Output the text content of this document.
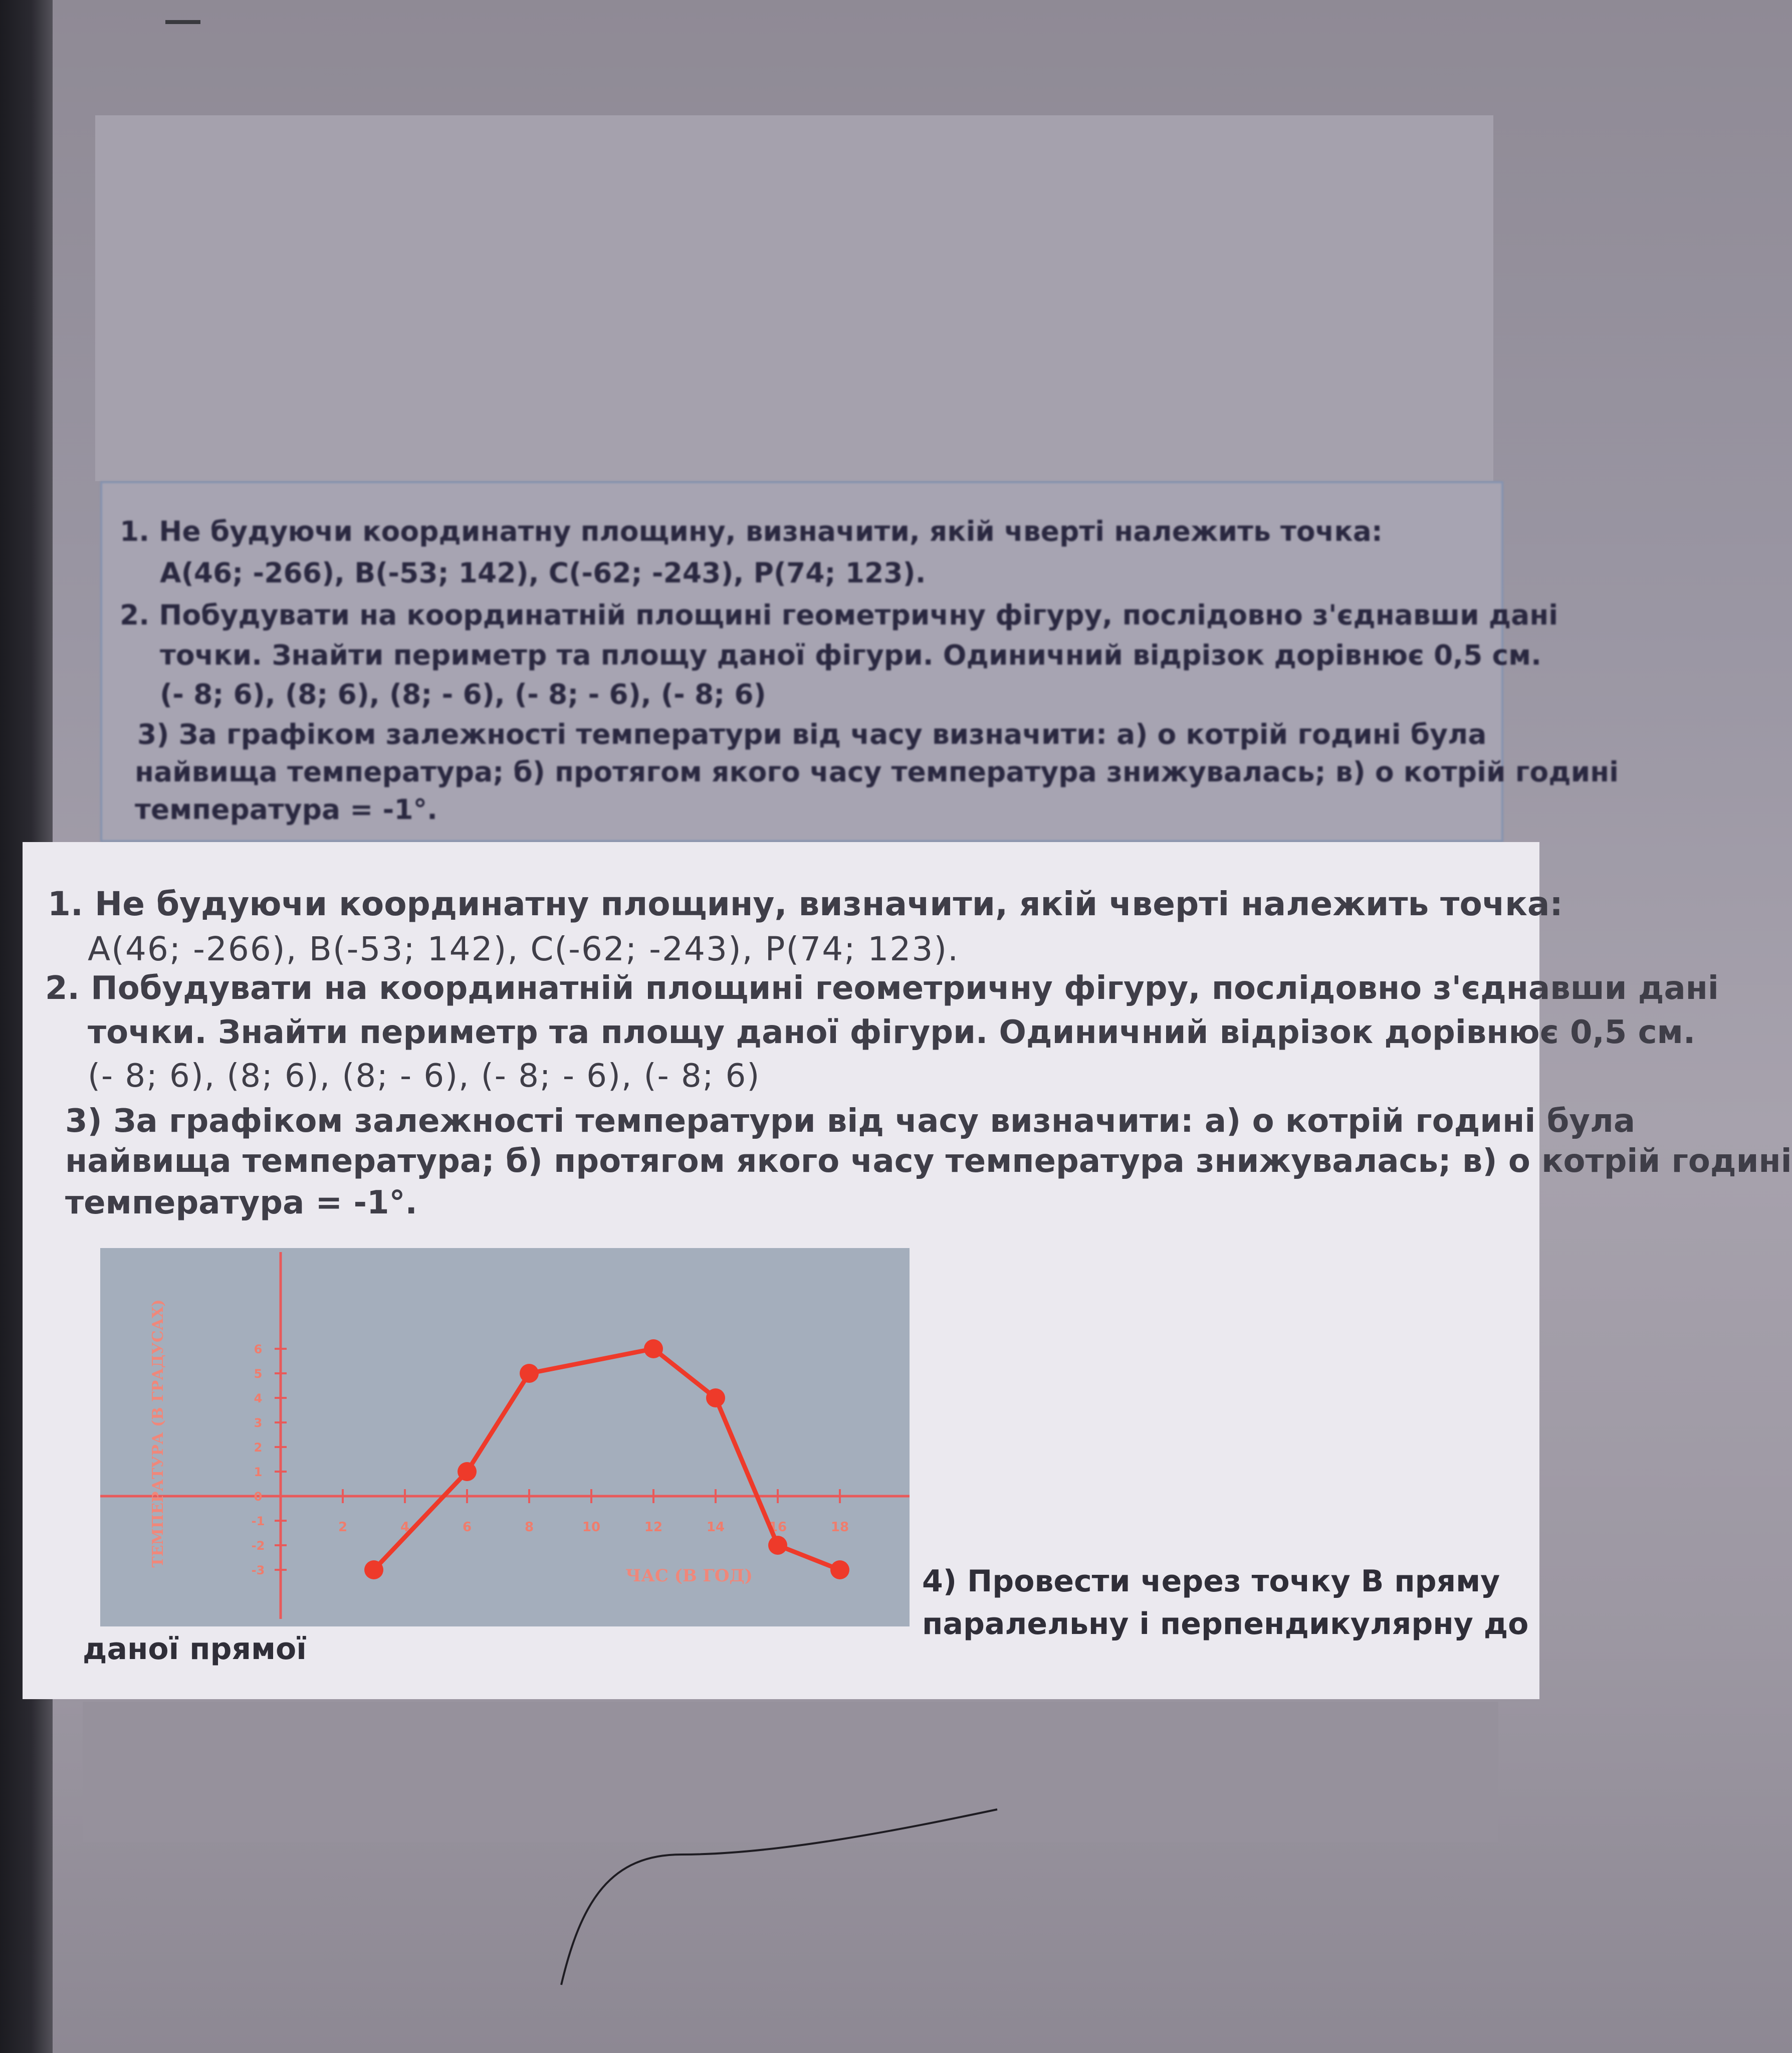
1. Не будуючи координатну площину, визначити, якій чверті належить точка:
А(46; -266), В(-53; 142), С(-62; -243), Р(74; 123).
2. Побудувати на координатній площині геометричну фігуру, послідовно з'єднавши дані
точки. Знайти периметр та площу даної фігури. Одиничний відрізок дорівнює 0,5 см.
(- 8; 6), (8; 6), (8; - 6), (- 8; - 6), (- 8; 6)
3) За графіком залежності температури від часу визначити: а) о котрій годині була
найвища температура; б) протягом якого часу температура знижувалась; в) о котрій годині
температура = -1°.
1. Не будуючи координатну площину, визначити, якій чверті належить точка:
А(46; -266), В(-53; 142), С(-62; -243), Р(74; 123).
2. Побудувати на координатній площині геометричну фігуру, послідовно з'єднавши дані
точки. Знайти периметр та площу даної фігури. Одиничний відрізок дорівнює 0,5 см.
(- 8; 6), (8; 6), (8; - 6), (- 8; - 6), (- 8; 6)
3) За графіком залежності температури від часу визначити: а) о котрій годині була
найвища температура; б) протягом якого часу температура знижувалась; в) о котрій годині
температура = -1°.
2	4	6	8	10	12	14	16	18
6
5
4
3
2
1
0
-1
-2
-3	ЧАС (В ГОД)
ТЕМПЕРАТУРА (В ГРАДУСАХ)
4) Провести через точку В пряму
паралельну і перпендикулярну до
даної прямої
